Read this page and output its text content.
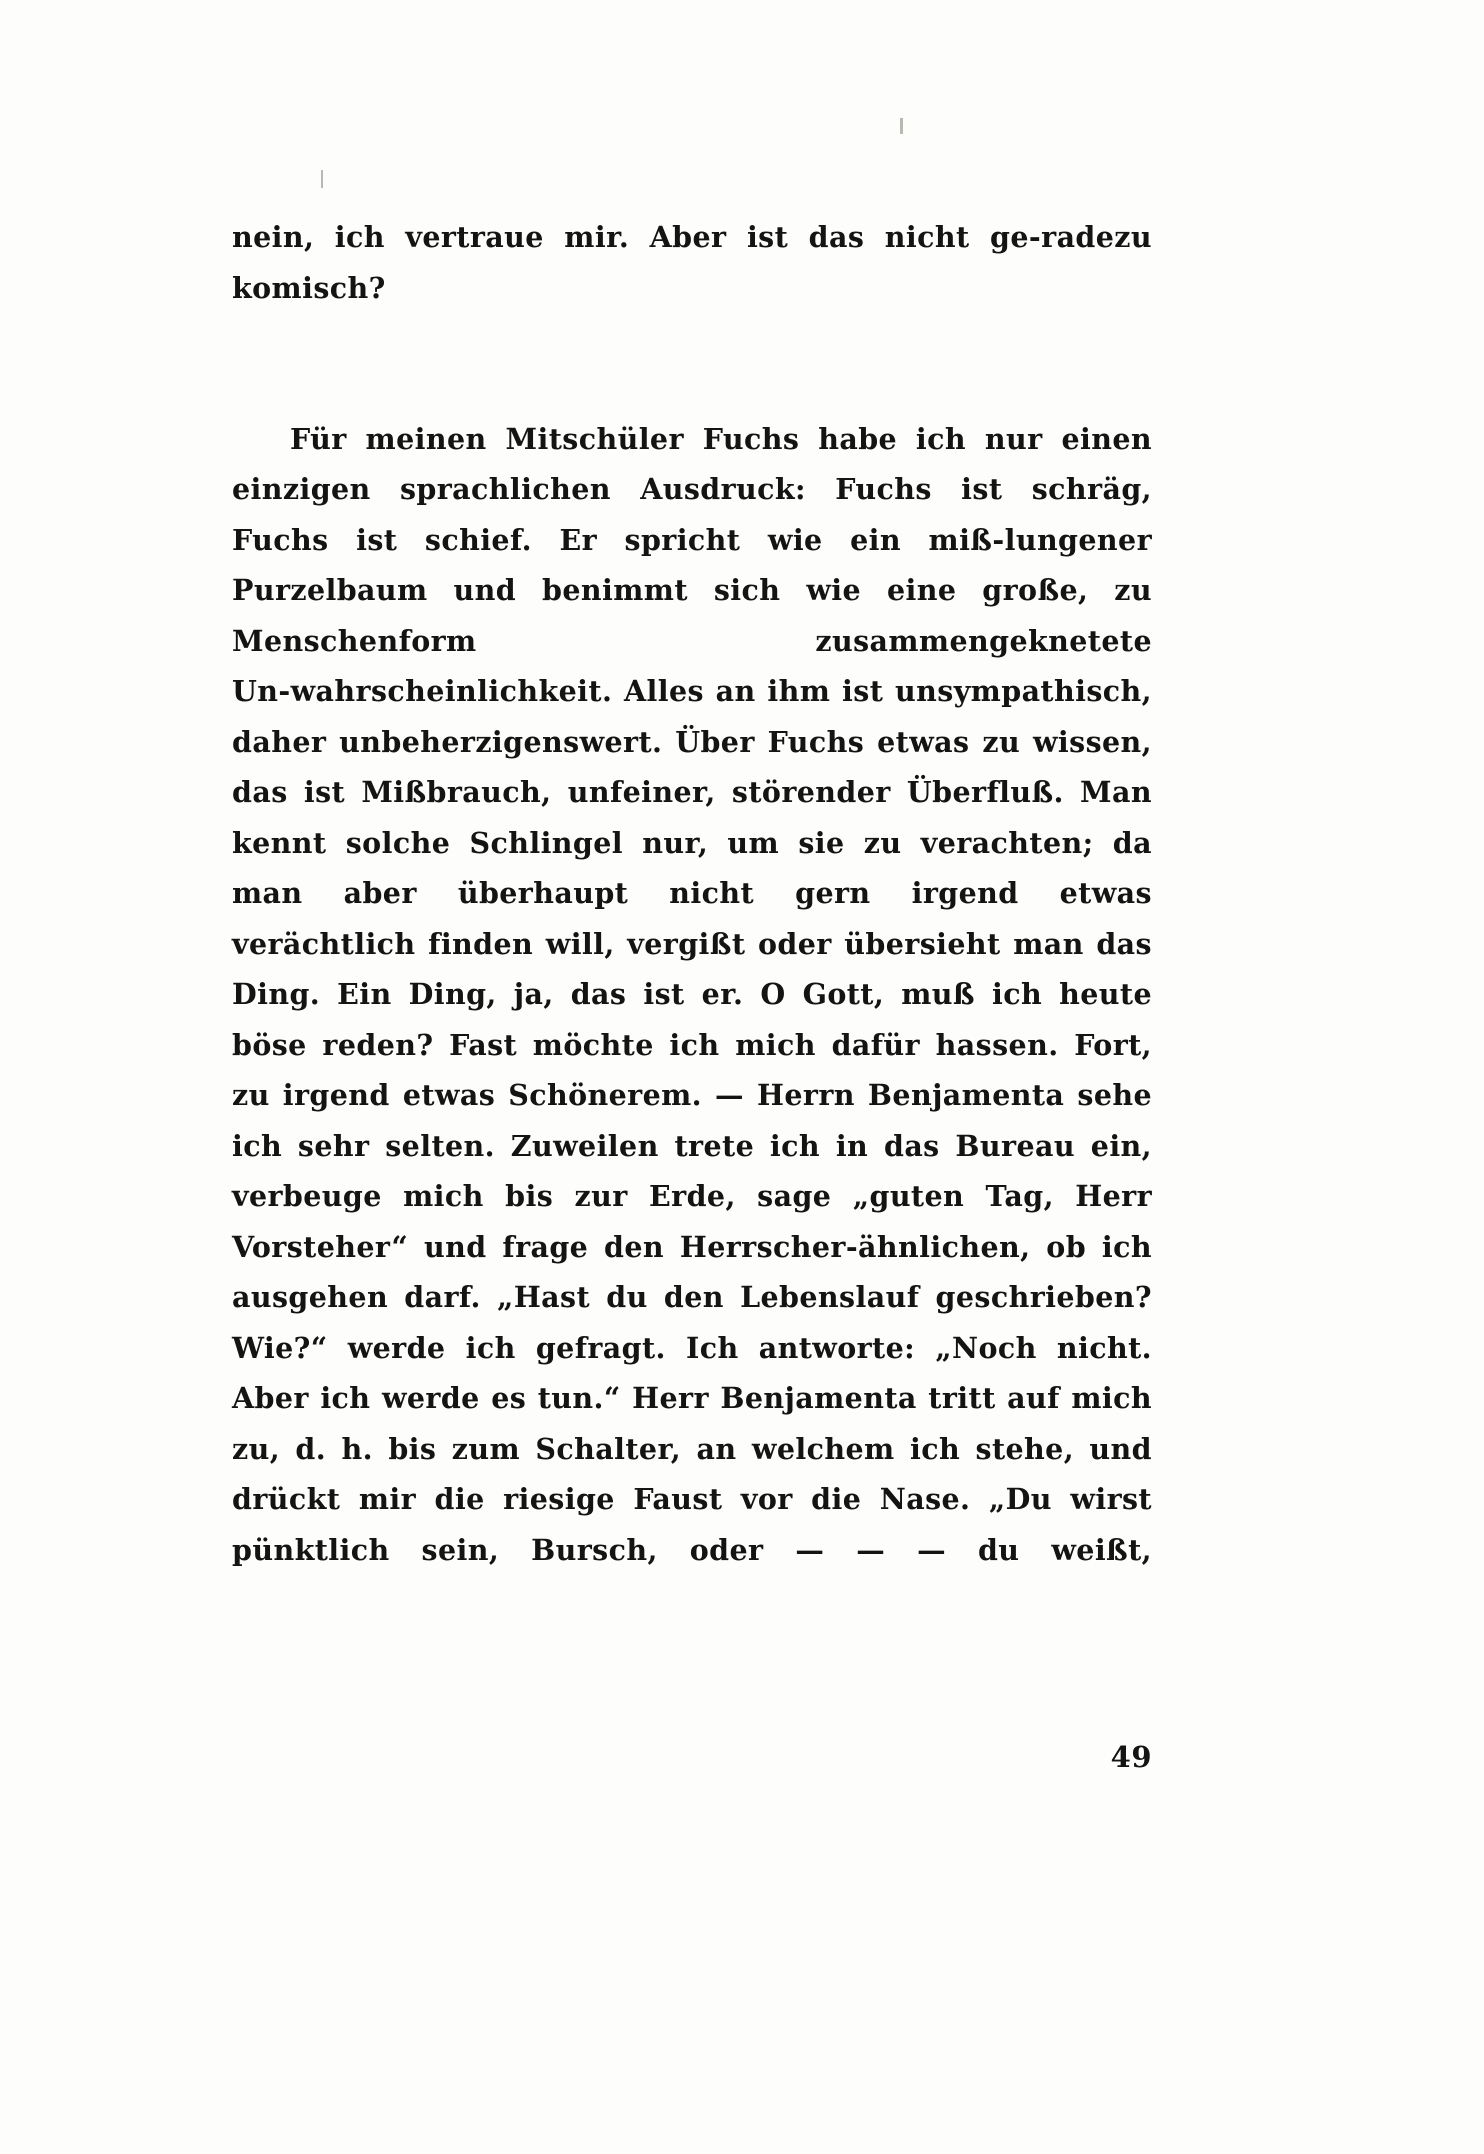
nein, ich vertraue mir. Aber ist das nicht ge‑radezu komisch?

Für meinen Mitschüler Fuchs habe ich nur einen einzigen sprachlichen Ausdruck: Fuchs ist schräg, Fuchs ist schief. Er spricht wie ein miß‑lungener Purzelbaum und benimmt sich wie eine große, zu Menschenform zusammengeknetete Un‑wahrscheinlichkeit. Alles an ihm ist unsympathisch, daher unbeherzigenswert. Über Fuchs etwas zu wissen, das ist Mißbrauch, unfeiner, störender Überfluß. Man kennt solche Schlingel nur, um sie zu verachten; da man aber überhaupt nicht gern irgend etwas verächtlich finden will, vergißt oder übersieht man das Ding. Ein Ding, ja, das ist er. O Gott, muß ich heute böse reden? Fast möchte ich mich dafür hassen. Fort, zu irgend etwas Schönerem. — Herrn Benjamenta sehe ich sehr selten. Zuweilen trete ich in das Bureau ein, verbeuge mich bis zur Erde, sage „guten Tag, Herr Vorsteher“ und frage den Herrscher‑ähnlichen, ob ich ausgehen darf. „Hast du den Lebenslauf geschrieben? Wie?“ werde ich gefragt. Ich antworte: „Noch nicht. Aber ich werde es tun.“ Herr Benjamenta tritt auf mich zu, d. h. bis zum Schalter, an welchem ich stehe, und drückt mir die riesige Faust vor die Nase. „Du wirst pünktlich sein, Bursch, oder — — — du weißt,

49
